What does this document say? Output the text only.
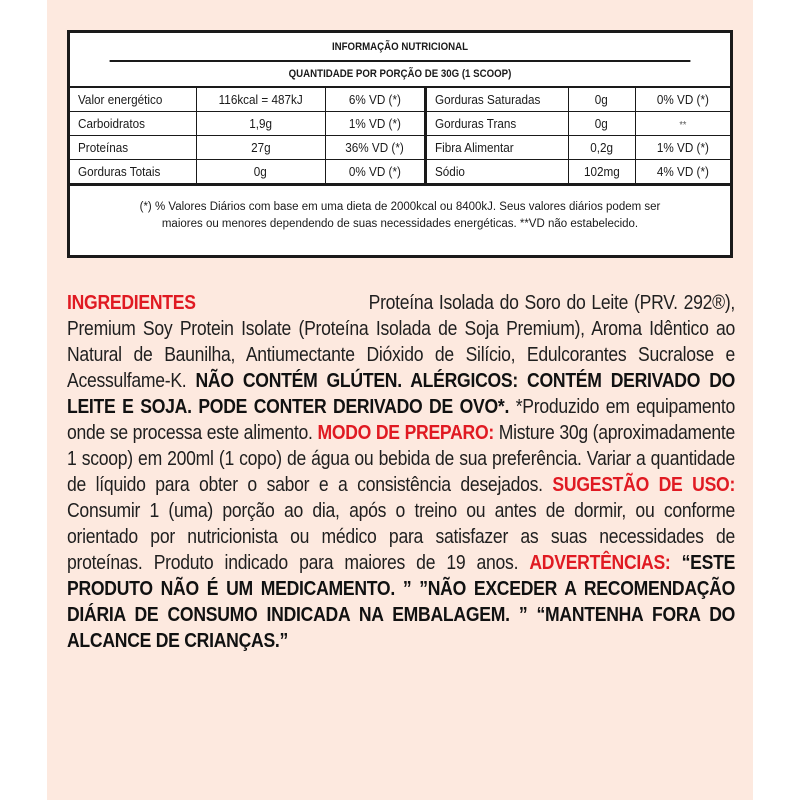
INFORMAÇÃO NUTRICIONAL
QUANTIDADE POR PORÇÃO DE 30G (1 SCOOP)
Valor energético	116kcal = 487kJ	6% VD (*)	Gorduras Saturadas	0g	0% VD (*)
Carboidratos	1,9g	1% VD (*)	Gorduras Trans	0g	**
Proteínas	27g	36% VD (*)	Fibra Alimentar	0,2g	1% VD (*)
Gorduras Totais	0g	0% VD (*)	Sódio	102mg	4% VD (*)
(*) % Valores Diários com base em uma dieta de 2000kcal ou 8400kJ. Seus valores diários podem ser
maiores ou menores dependendo de suas necessidades energéticas. **VD não estabelecido.
INGREDIENTES	Proteína Isolada do Soro do Leite (PRV. 292®), Premium Soy Protein Isolate (Proteína Isolada de Soja Premium), Aroma Idêntico ao Natural de Baunilha, Antiumectante Dióxido de Silício, Edulcorantes Sucralose e Acessulfame-K. NÃO CONTÉM GLÚTEN. ALÉRGICOS: CONTÉM DERIVADO DO LEITE E SOJA. PODE CONTER DERIVADO DE OVO*. *Produzido em equipamento onde se processa este alimento. MODO DE PREPARO: Misture 30g (aproximadamente 1 scoop) em 200ml (1 copo) de água ou bebida de sua preferência. Variar a quantidade de líquido para obter o sabor e a consistência desejados. SUGESTÃO DE USO: Consumir 1 (uma) porção ao dia, após o treino ou antes de dormir, ou conforme orientado por nutricionista ou médico para satisfazer as suas necessidades de proteínas. Produto indicado para maiores de 19 anos. ADVERTÊNCIAS: “ESTE PRODUTO NÃO É UM MEDICAMENTO. ” ”NÃO EXCEDER A RECOMENDAÇÃO DIÁRIA DE CONSUMO INDICADA NA EMBALAGEM. ” “MANTENHA FORA DO ALCANCE DE CRIANÇAS.”
